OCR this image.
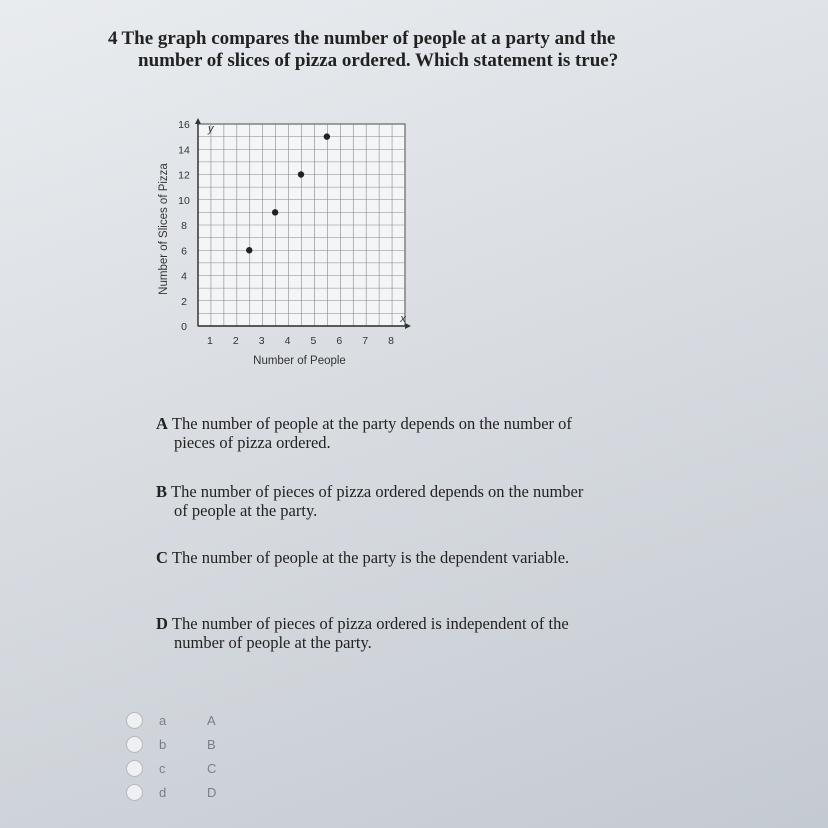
4 The graph compares the number of people at a party and the number of slices of pizza ordered. Which statement is true?
x
y
1 2 3 4 5 6 7 8
0
2
4
6
8
10
12
14
16
Number of People
Number of Slices of Pizza
A The number of people at the party depends on the number of pieces of pizza ordered.
B The number of pieces of pizza ordered depends on the number of people at the party.
C The number of people at the party is the dependent variable.
D The number of pieces of pizza ordered is independent of the number of people at the party.
a	A
b	B
c	C
d	D
